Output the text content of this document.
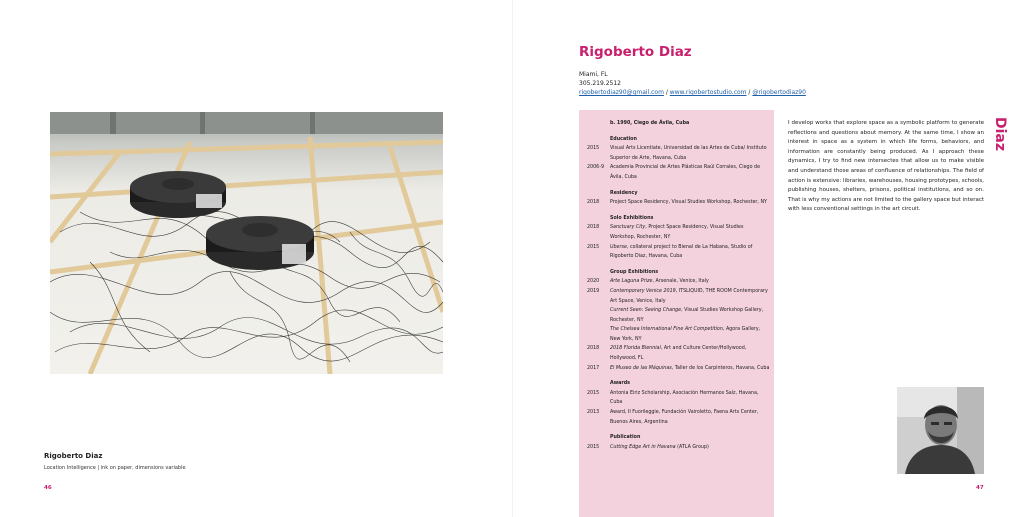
Rigoberto Diaz
Location Intelligence | ink on paper, dimensions variable
46
Rigoberto Diaz
Miami, FL
305.219.2512
rigobertodiaz90@gmail.com / www.rigobertostudio.com / @rigobertodiaz90
b. 1990, Ciego de Ávila, Cuba
Education
2015	Visual Arts Licentiate, Universidad de las Artes de Cuba/ Instituto Superior de Arte, Havana, Cuba
2006-9	Academia Provincial de Artes Plásticas Raúl Corrales, Ciego de Ávila, Cuba
Residency
2018	Project Space Residency, Visual Studies Workshop, Rochester, NY
Solo Exhibitions
2018	Sanctuary City, Project Space Residency, Visual Studies Workshop, Rochester, NY
2015	Uberse, collateral project to Bienal de La Habana, Studio of Rigoberto Diaz, Havana, Cuba
Group Exhibitions
2020	Arte Laguna Prize, Arsenale, Venice, Italy
2019	Contemporary Venice 2019, ITSLIQUID, THE ROOM Contemporary Art Space, Venice, Italy
Current Seen: Seeing Change, Visual Studies Workshop Gallery, Rochester, NY
The Chelsea International Fine Art Competition, Agora Gallery, New York, NY
2018	2018 Florida Biennial, Art and Culture Center/Hollywood, Hollywood, FL
2017	El Museo de las Máquinas, Taller de los Carpinteros, Havana, Cuba
Awards
2015	Antonia Eiriz Scholarship, Asociación Hermanos Saíz, Havana, Cuba
2013	Award, II Fuorileggie, Fundación Vairoletto, Faena Arts Center, Buenos Aires, Argentina
Publication
2015	Cutting Edge Art in Havana (ATLA Group)
I develop works that explore space as a symbolic platform to generate reflections and questions about memory. At the same time, I show an interest in space as a system in which life forms, behaviors, and information are constantly being produced. As I approach these dynamics, I try to find new intersectes that allow us to make visible and understand those areas of confluence of relationships. The field of action is extensive: libraries, warehouses, housing prototypes, schools, publishing houses, shelters, prisons, political institutions, and so on. That is why my actions are not limited to the gallery space but interact with less conventional settings in the art circuit.
Diaz
47
